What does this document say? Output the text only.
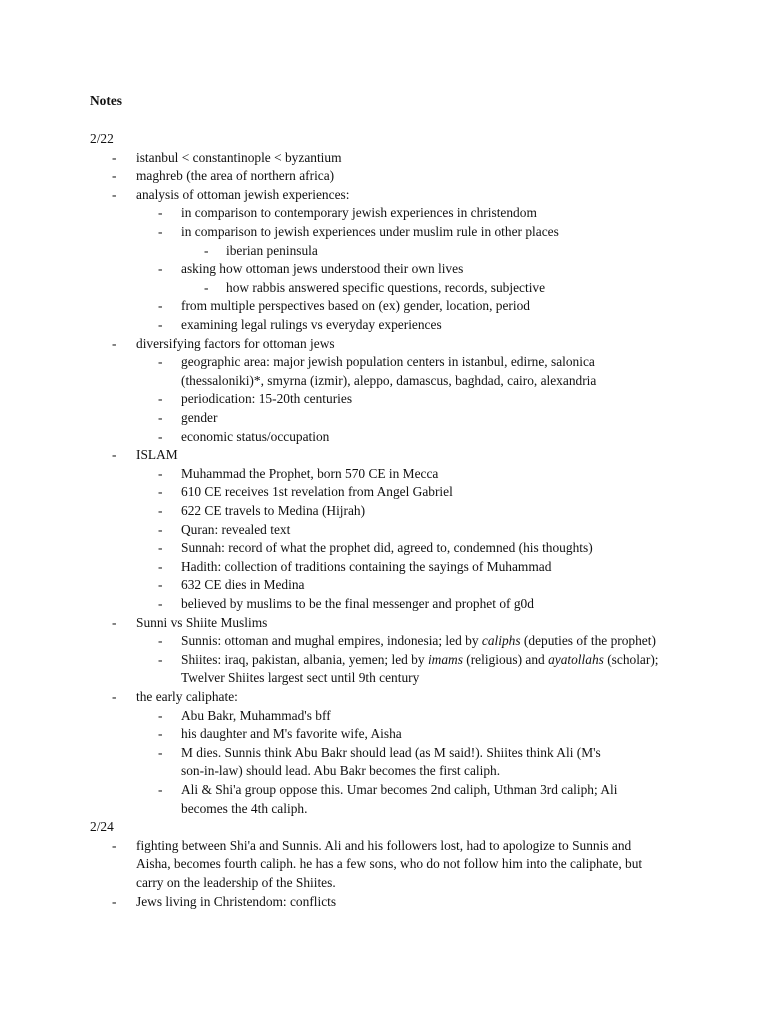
Notes
2/22
- istanbul < constantinople < byzantium
- maghreb (the area of northern africa)
- analysis of ottoman jewish experiences:
- in comparison to contemporary jewish experiences in christendom
- in comparison to jewish experiences under muslim rule in other places
- iberian peninsula
- asking how ottoman jews understood their own lives
- how rabbis answered specific questions, records, subjective
- from multiple perspectives based on (ex) gender, location, period
- examining legal rulings vs everyday experiences
- diversifying factors for ottoman jews
- geographic area: major jewish population centers in istanbul, edirne, salonica
(thessaloniki)*, smyrna (izmir), aleppo, damascus, baghdad, cairo, alexandria
- periodication: 15-20th centuries
- gender
- economic status/occupation
- ISLAM
- Muhammad the Prophet, born 570 CE in Mecca
- 610 CE receives 1st revelation from Angel Gabriel
- 622 CE travels to Medina (Hijrah)
- Quran: revealed text
- Sunnah: record of what the prophet did, agreed to, condemned (his thoughts)
- Hadith: collection of traditions containing the sayings of Muhammad
- 632 CE dies in Medina
- believed by muslims to be the final messenger and prophet of g0d
- Sunni vs Shiite Muslims
- Sunnis: ottoman and mughal empires, indonesia; led by caliphs (deputies of the prophet)
- Shiites: iraq, pakistan, albania, yemen; led by imams (religious) and ayatollahs (scholar);
Twelver Shiites largest sect until 9th century
- the early caliphate:
- Abu Bakr, Muhammad's bff
- his daughter and M's favorite wife, Aisha
- M dies. Sunnis think Abu Bakr should lead (as M said!). Shiites think Ali (M's
son-in-law) should lead. Abu Bakr becomes the first caliph.
- Ali & Shi'a group oppose this. Umar becomes 2nd caliph, Uthman 3rd caliph; Ali
becomes the 4th caliph.
2/24
- fighting between Shi'a and Sunnis. Ali and his followers lost, had to apologize to Sunnis and
Aisha, becomes fourth caliph. he has a few sons, who do not follow him into the caliphate, but
carry on the leadership of the Shiites.
- Jews living in Christendom: conflicts
